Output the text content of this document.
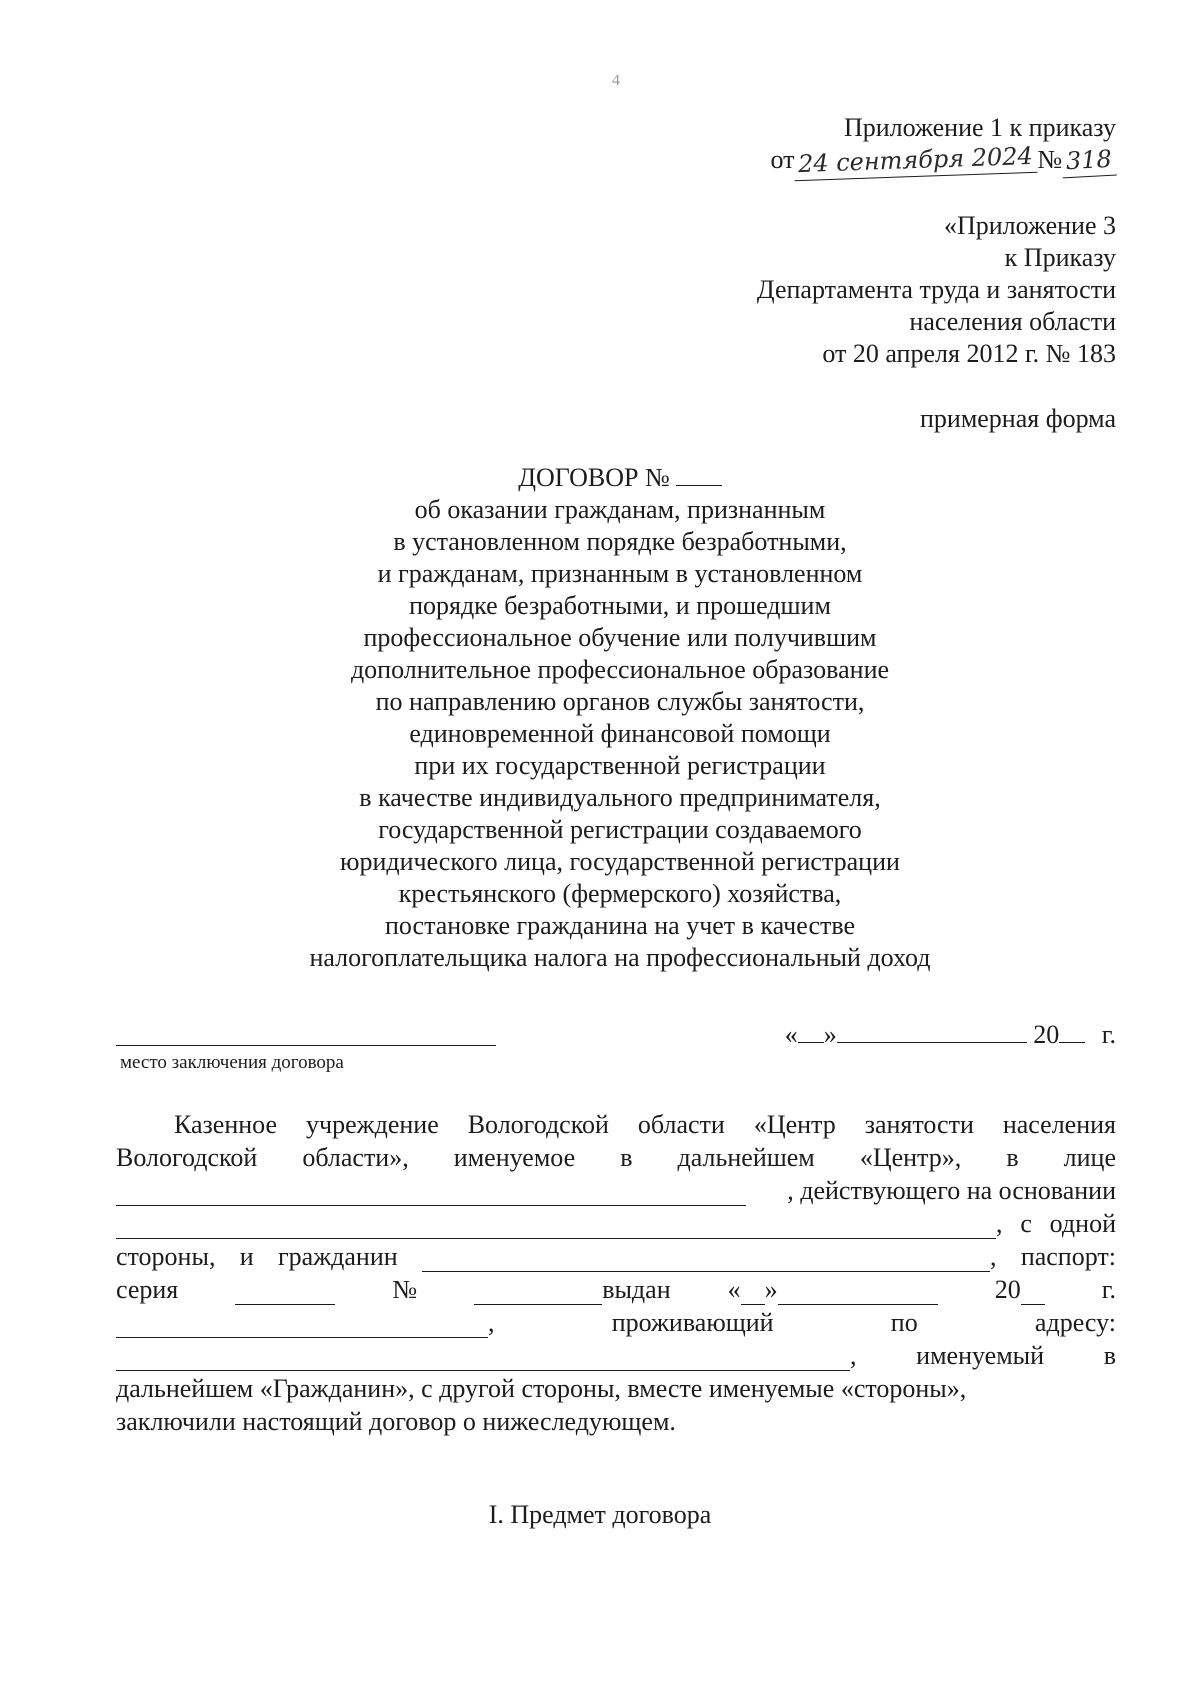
4
Приложение 1 к приказу
от 24 сентября 2024 № 318
«Приложение 3
к Приказу
Департамента труда и занятости
населения области
от 20 апреля 2012 г. № 183
примерная форма
ДОГОВОР №
об оказании гражданам, признанным
в установленном порядке безработными,
и гражданам, признанным в установленном
порядке безработными, и прошедшим
профессиональное обучение или получившим
дополнительное профессиональное образование
по направлению органов службы занятости,
единовременной финансовой помощи
при их государственной регистрации
в качестве индивидуального предпринимателя,
государственной регистрации создаваемого
юридического лица, государственной регистрации
крестьянского (фермерского) хозяйства,
постановке гражданина на учет в качестве
налогоплательщика налога на профессиональный доход
место заключения договора
« »	20 г.
Казенное учреждение Вологодской области «Центр занятости населения
Вологодской области», именуемое в дальнейшем «Центр», в лице
, действующего на основании
, с одной
стороны, и гражданин	, паспорт:
серия	№	выдан « »	20	г.
,	проживающий	по	адресу:
, именуемый в
дальнейшем «Гражданин», с другой стороны, вместе именуемые «стороны»,
заключили настоящий договор о нижеследующем.
I. Предмет договора
